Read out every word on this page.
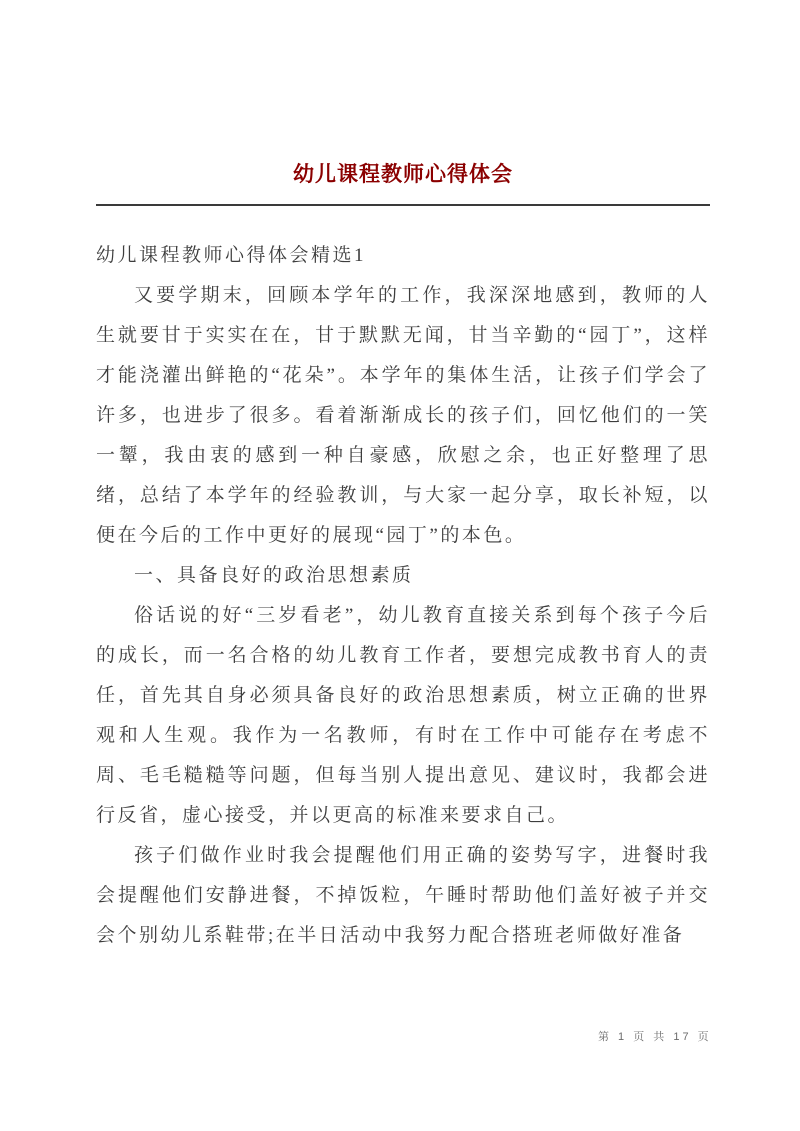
幼儿课程教师心得体会

幼儿课程教师心得体会精选1

又要学期末，回顾本学年的工作，我深深地感到，教师的人生就要甘于实实在在，甘于默默无闻，甘当辛勤的“园丁”，这样才能浇灌出鲜艳的“花朵”。本学年的集体生活，让孩子们学会了许多，也进步了很多。看着渐渐成长的孩子们，回忆他们的一笑一颦，我由衷的感到一种自豪感，欣慰之余，也正好整理了思绪，总结了本学年的经验教训，与大家一起分享，取长补短，以便在今后的工作中更好的展现“园丁”的本色。

一、具备良好的政治思想素质

俗话说的好“三岁看老”，幼儿教育直接关系到每个孩子今后的成长，而一名合格的幼儿教育工作者，要想完成教书育人的责任，首先其自身必须具备良好的政治思想素质，树立正确的世界观和人生观。我作为一名教师，有时在工作中可能存在考虑不周、毛毛糙糙等问题，但每当别人提出意见、建议时，我都会进行反省，虚心接受，并以更高的标准来要求自己。

孩子们做作业时我会提醒他们用正确的姿势写字，进餐时我会提醒他们安静进餐，不掉饭粒，午睡时帮助他们盖好被子并交会个别幼儿系鞋带;在半日活动中我努力配合搭班老师做好准备

第 1 页 共 17 页
